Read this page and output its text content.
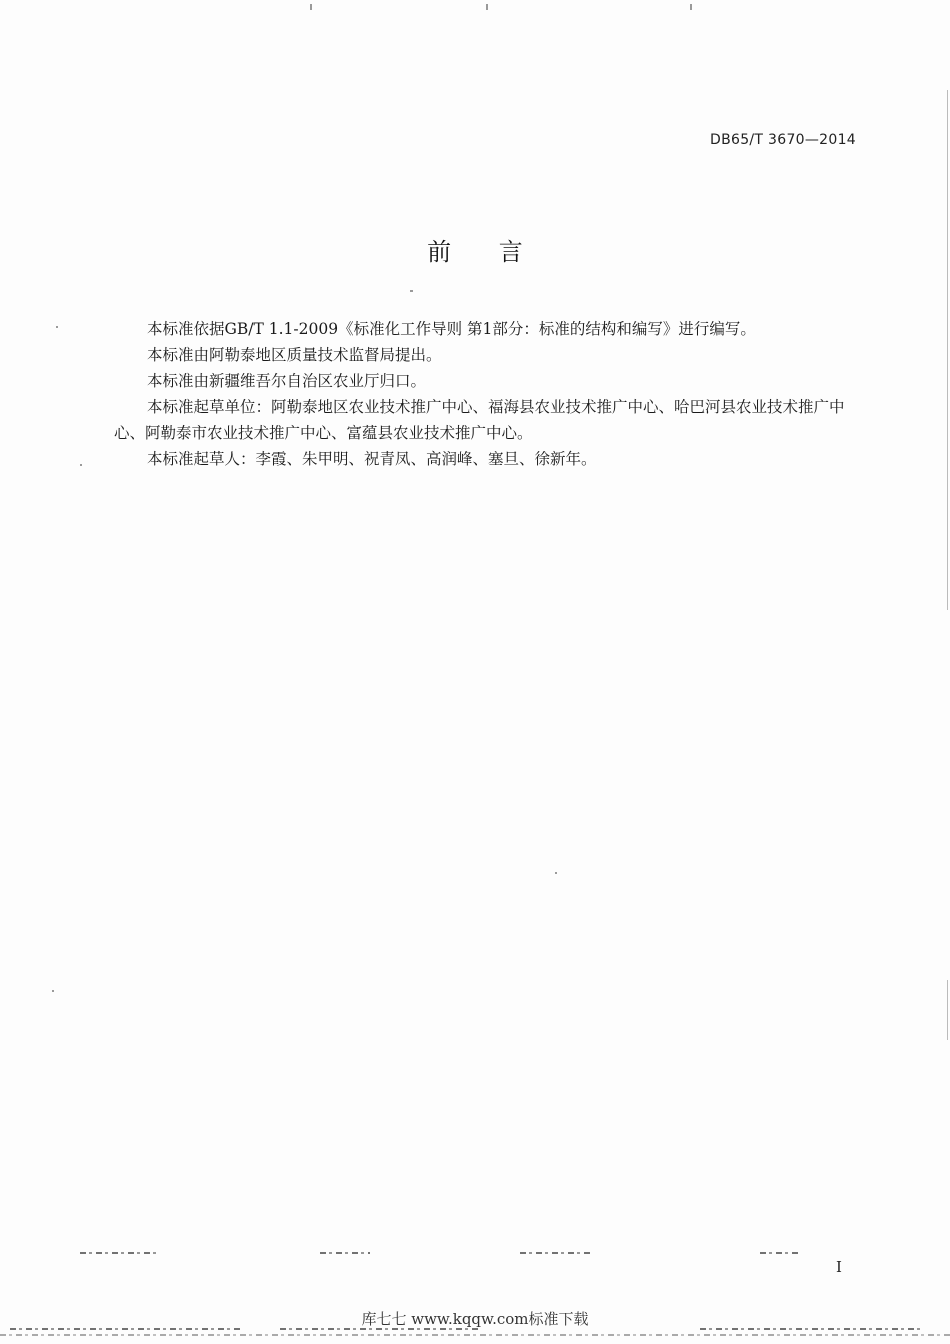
DB65/T 3670—2014
前 言

本标准依据GB/T 1.1-2009《标准化工作导则 第1部分：标准的结构和编写》进行编写。

本标准由阿勒泰地区质量技术监督局提出。

本标准由新疆维吾尔自治区农业厅归口。

本标准起草单位：阿勒泰地区农业技术推广中心、福海县农业技术推广中心、哈巴河县农业技术推广中心、阿勒泰市农业技术推广中心、富蕴县农业技术推广中心。

本标准起草人：李霞、朱甲明、祝青凤、高润峰、塞旦、徐新年。

I
库七七 www.kqqw.com标准下载
